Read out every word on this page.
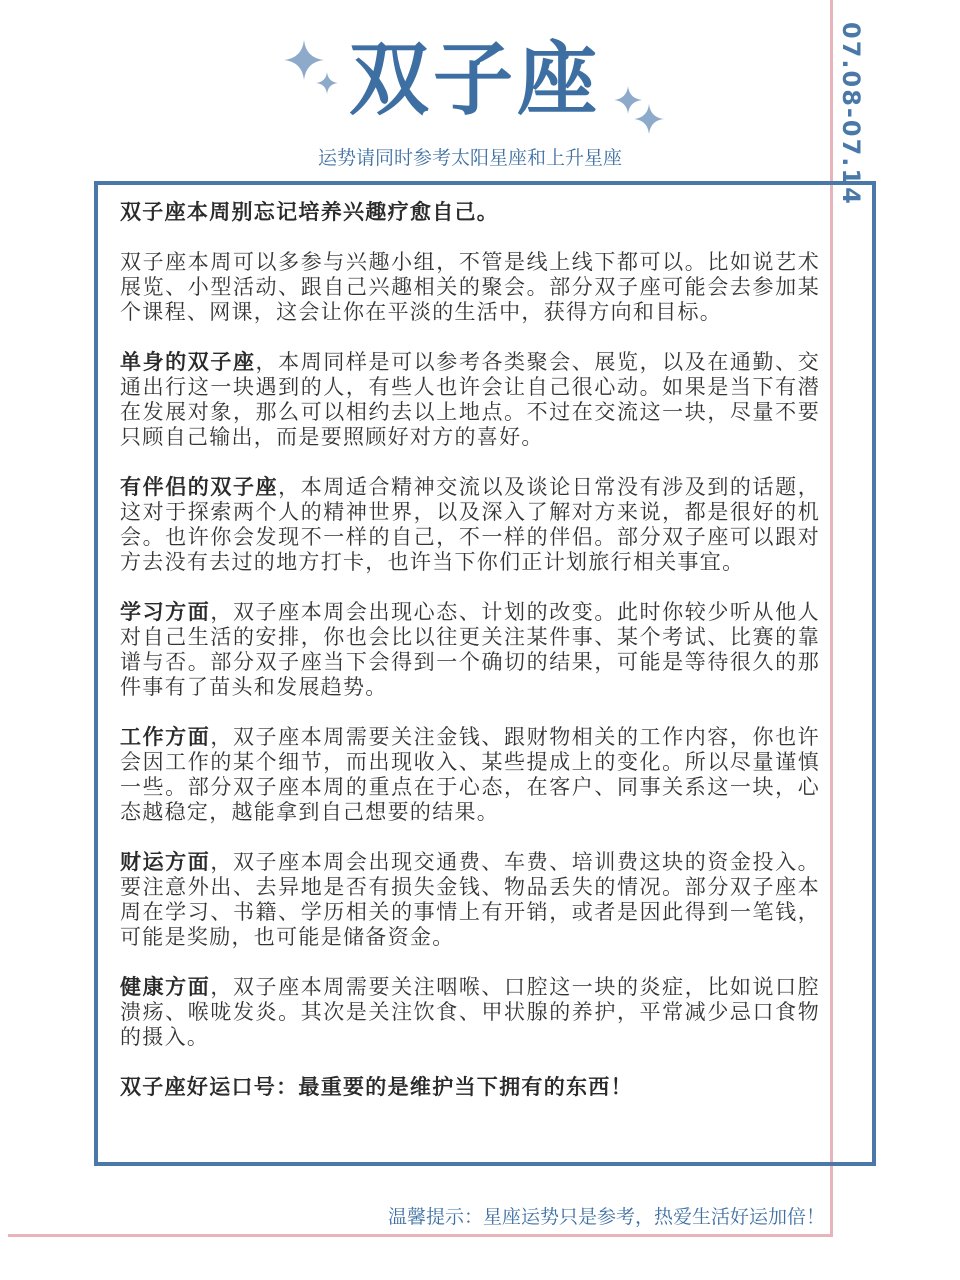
07.08-07.14
双子座
运势请同时参考太阳星座和上升星座

双子座本周别忘记培养兴趣疗愈自己。

双子座本周可以多参与兴趣小组，不管是线上线下都可以。比如说艺术展览、小型活动、跟自己兴趣相关的聚会。部分双子座可能会去参加某个课程、网课，这会让你在平淡的生活中，获得方向和目标。

单身的双子座，本周同样是可以参考各类聚会、展览，以及在通勤、交通出行这一块遇到的人，有些人也许会让自己很心动。如果是当下有潜在发展对象，那么可以相约去以上地点。不过在交流这一块，尽量不要只顾自己输出，而是要照顾好对方的喜好。

有伴侣的双子座，本周适合精神交流以及谈论日常没有涉及到的话题，这对于探索两个人的精神世界，以及深入了解对方来说，都是很好的机会。也许你会发现不一样的自己，不一样的伴侣。部分双子座可以跟对方去没有去过的地方打卡，也许当下你们正计划旅行相关事宜。

学习方面，双子座本周会出现心态、计划的改变。此时你较少听从他人对自己生活的安排，你也会比以往更关注某件事、某个考试、比赛的靠谱与否。部分双子座当下会得到一个确切的结果，可能是等待很久的那件事有了苗头和发展趋势。

工作方面，双子座本周需要关注金钱、跟财物相关的工作内容，你也许会因工作的某个细节，而出现收入、某些提成上的变化。所以尽量谨慎一些。部分双子座本周的重点在于心态，在客户、同事关系这一块，心态越稳定，越能拿到自己想要的结果。

财运方面，双子座本周会出现交通费、车费、培训费这块的资金投入。要注意外出、去异地是否有损失金钱、物品丢失的情况。部分双子座本周在学习、书籍、学历相关的事情上有开销，或者是因此得到一笔钱，可能是奖励，也可能是储备资金。

健康方面，双子座本周需要关注咽喉、口腔这一块的炎症，比如说口腔溃疡、喉咙发炎。其次是关注饮食、甲状腺的养护，平常减少忌口食物的摄入。

双子座好运口号：最重要的是维护当下拥有的东西！

温馨提示：星座运势只是参考，热爱生活好运加倍！
